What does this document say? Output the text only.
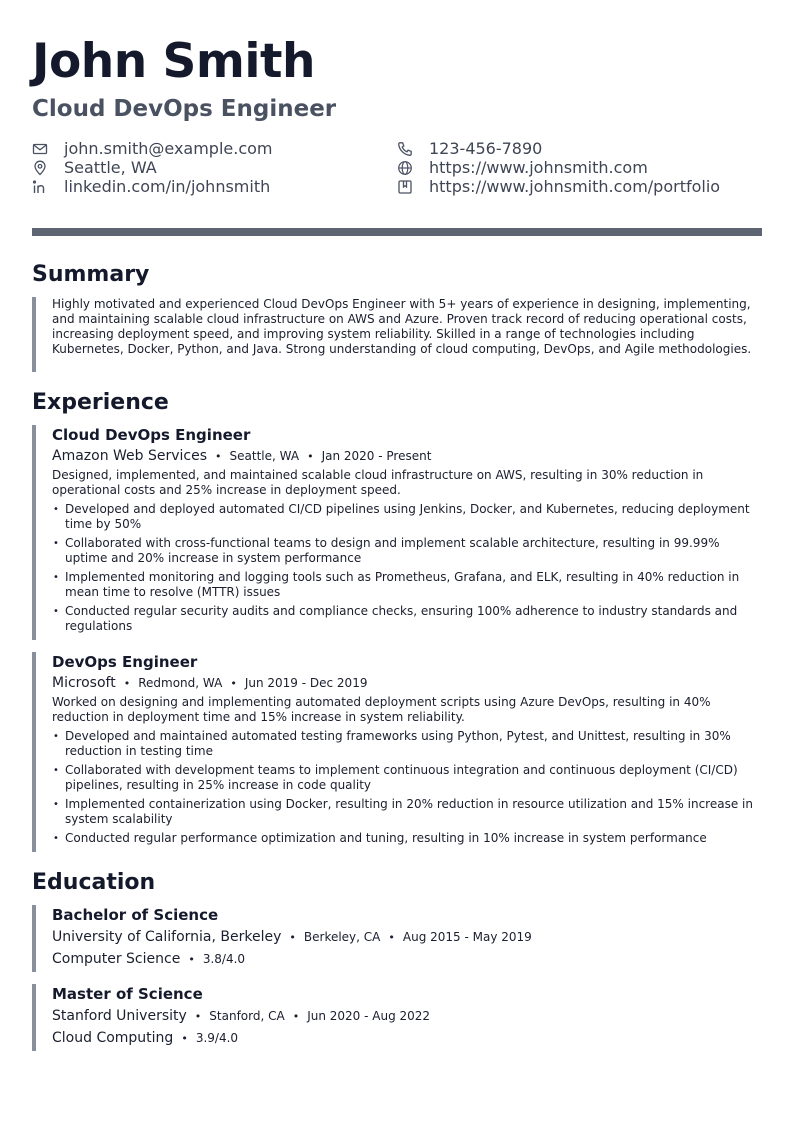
John Smith
Cloud DevOps Engineer
john.smith@example.com
Seattle, WA
linkedin.com/in/johnsmith
123-456-7890
https://www.johnsmith.com
https://www.johnsmith.com/portfolio
Summary

Highly motivated and experienced Cloud DevOps Engineer with 5+ years of experience in designing, implementing, and maintaining scalable cloud infrastructure on AWS and Azure. Proven track record of reducing operational costs, increasing deployment speed, and improving system reliability. Skilled in a range of technologies including Kubernetes, Docker, Python, and Java. Strong understanding of cloud computing, DevOps, and Agile methodologies.

Experience
Cloud DevOps Engineer
Amazon Web Services • Seattle, WA • Jan 2020 - Present
Designed, implemented, and maintained scalable cloud infrastructure on AWS, resulting in 30% reduction in operational costs and 25% increase in deployment speed.
• Developed and deployed automated CI/CD pipelines using Jenkins, Docker, and Kubernetes, reducing deployment time by 50%
• Collaborated with cross-functional teams to design and implement scalable architecture, resulting in 99.99% uptime and 20% increase in system performance
• Implemented monitoring and logging tools such as Prometheus, Grafana, and ELK, resulting in 40% reduction in mean time to resolve (MTTR) issues
• Conducted regular security audits and compliance checks, ensuring 100% adherence to industry standards and regulations
DevOps Engineer
Microsoft • Redmond, WA • Jun 2019 - Dec 2019
Worked on designing and implementing automated deployment scripts using Azure DevOps, resulting in 40% reduction in deployment time and 15% increase in system reliability.
• Developed and maintained automated testing frameworks using Python, Pytest, and Unittest, resulting in 30% reduction in testing time
• Collaborated with development teams to implement continuous integration and continuous deployment (CI/CD) pipelines, resulting in 25% increase in code quality
• Implemented containerization using Docker, resulting in 20% reduction in resource utilization and 15% increase in system scalability
• Conducted regular performance optimization and tuning, resulting in 10% increase in system performance
Education
Bachelor of Science
University of California, Berkeley • Berkeley, CA • Aug 2015 - May 2019
Computer Science • 3.8/4.0
Master of Science
Stanford University • Stanford, CA • Jun 2020 - Aug 2022
Cloud Computing • 3.9/4.0
